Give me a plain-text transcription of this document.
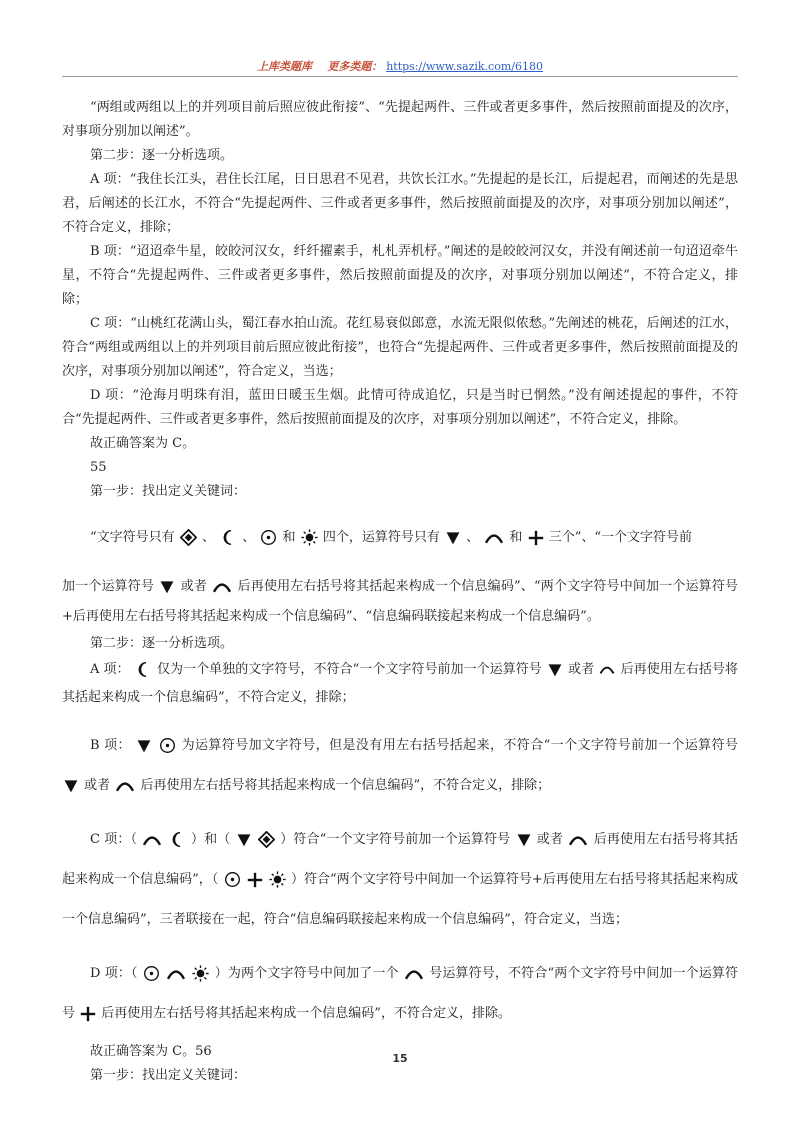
上库类题库 更多类题： https://www.sazik.com/6180

“两组或两组以上的并列项目前后照应彼此衔接”、“先提起两件、三件或者更多事件，然后按照前面提及的次序，对事项分别加以阐述”。

第二步：逐一分析选项。

A 项：“我住长江头，君住长江尾，日日思君不见君，共饮长江水。”先提起的是长江，后提起君，而阐述的先是思君，后阐述的长江水，不符合“先提起两件、三件或者更多事件，然后按照前面提及的次序，对事项分别加以阐述”，不符合定义，排除；

B 项：“迢迢牵牛星，皎皎河汉女，纤纤擢素手，札札弄机杼。”阐述的是皎皎河汉女，并没有阐述前一句迢迢牵牛星，不符合“先提起两件、三件或者更多事件，然后按照前面提及的次序，对事项分别加以阐述”，不符合定义，排除；

C 项：“山桃红花满山头，蜀江春水拍山流。花红易衰似郎意，水流无限似侬愁。”先阐述的桃花，后阐述的江水，符合“两组或两组以上的并列项目前后照应彼此衔接”，也符合“先提起两件、三件或者更多事件，然后按照前面提及的次序，对事项分别加以阐述”，符合定义，当选；

D 项：“沧海月明珠有泪，蓝田日暖玉生烟。此情可待成追忆，只是当时已惘然。”没有阐述提起的事件，不符合“先提起两件、三件或者更多事件，然后按照前面提及的次序，对事项分别加以阐述”，不符合定义，排除。

故正确答案为 C。

55

第一步：找出定义关键词：

“文字符号只有 、 、 和 四个，运算符号只有 、 和 三个”、“一个文字符号前

加一个运算符号 或者 后再使用左右括号将其括起来构成一个信息编码”、“两个文字符号中间加一个运算符号+后再使用左右括号将其括起来构成一个信息编码”、“信息编码联接起来构成一个信息编码”。

第二步：逐一分析选项。

A 项： 仅为一个单独的文字符号，不符合“一个文字符号前加一个运算符号 或者 后再使用左右括号将其括起来构成一个信息编码”，不符合定义，排除；

B 项：	为运算符号加文字符号，但是没有用左右括号括起来，不符合“一个文字符号前加一个运算符号  或者 后再使用左右括号将其括起来构成一个信息编码”，不符合定义，排除；

C 项：（	）和（	）符合“一个文字符号前加一个运算符号 或者 后再使用左右括号将其括起来构成一个信息编码”，（	）符合“两个文字符号中间加一个运算符号+后再使用左右括号将其括起来构成一个信息编码”，三者联接在一起，符合“信息编码联接起来构成一个信息编码”，符合定义，当选；

D 项：（	）为两个文字符号中间加了一个 号运算符号，不符合“两个文字符号中间加一个运算符号 后再使用左右括号将其括起来构成一个信息编码”，不符合定义，排除。

故正确答案为 C。56

第一步：找出定义关键词：

15
